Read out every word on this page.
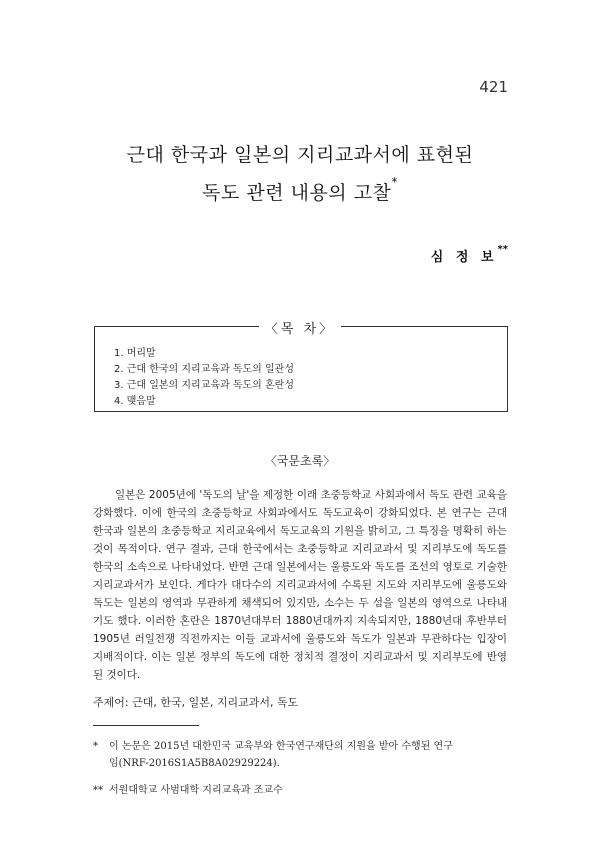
421
근대 한국과 일본의 지리교과서에 표현된
독도 관련 내용의 고찰*
심 정 보**
〈목 차〉
1. 머리말
2. 근대 한국의 지리교육과 독도의 일관성
3. 근대 일본의 지리교육과 독도의 혼란성
4. 맺음말
〈국문초록〉

일본은 2005년에 '독도의 날'을 제정한 이래 초중등학교 사회과에서 독도 관련 교육을 강화했다. 이에 한국의 초중등학교 사회과에서도 독도교육이 강화되었다. 본 연구는 근대 한국과 일본의 초중등학교 지리교육에서 독도교육의 기원을 밝히고, 그 특징을 명확히 하는 것이 목적이다. 연구 결과, 근대 한국에서는 초중등학교 지리교과서 및 지리부도에 독도를 한국의 소속으로 나타내었다. 반면 근대 일본에서는 울릉도와 독도를 조선의 영토로 기술한 지리교과서가 보인다. 게다가 대다수의 지리교과서에 수록된 지도와 지리부도에 울릉도와 독도는 일본의 영역과 무관하게 채색되어 있지만, 소수는 두 섬을 일본의 영역으로 나타내기도 했다. 이러한 혼란은 1870년대부터 1880년대까지 지속되지만, 1880년대 후반부터 1905년 러일전쟁 직전까지는 이들 교과서에 울릉도와 독도가 일본과 무관하다는 입장이 지배적이다. 이는 일본 정부의 독도에 대한 정치적 결정이 지리교과서 및 지리부도에 반영된 것이다.

주제어: 근대, 한국, 일본, 지리교과서, 독도

* 이 논문은 2015년 대한민국 교육부와 한국연구재단의 지원을 받아 수행된 연구
임(NRF-2016S1A5B8A02929224).

** 서원대학교 사범대학 지리교육과 조교수
